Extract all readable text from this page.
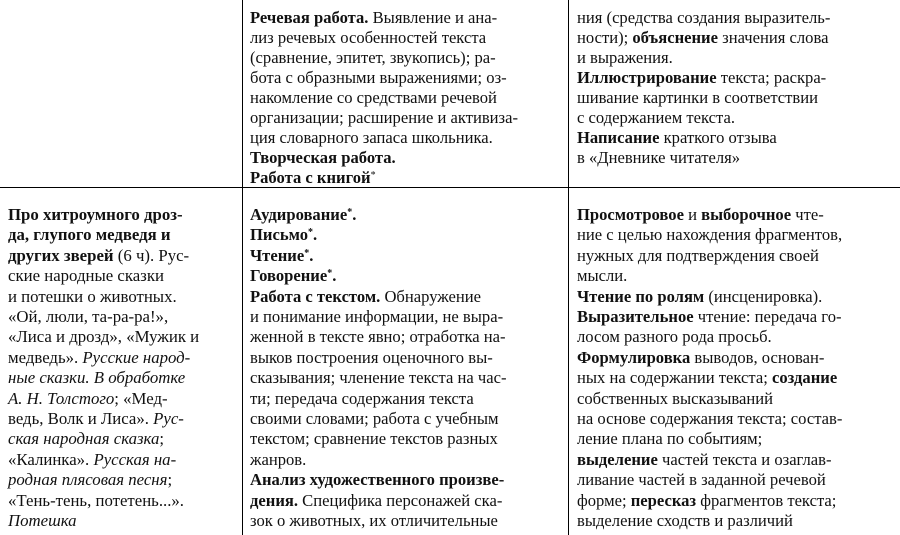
Речевая работа. Выявление и ана-

лиз речевых особенностей текста

(сравнение, эпитет, звукопись); ра-

бота с образными выражениями; оз-

накомление со средствами речевой

организации; расширение и активиза-

ция словарного запаса школьника.

Творческая работа.

Работа с книгой*

ния (средства создания выразитель-

ности); объяснение значения слова

и выражения.

Иллюстрирование текста; раскра-

шивание картинки в соответствии

с содержанием текста.

Написание краткого отзыва

в «Дневнике читателя»

Про хитроумного дроз-

да, глупого медведя и

других зверей (6 ч). Рус-

ские народные сказки

и потешки о животных.

«Ой, люли, та-ра-ра!»,

«Лиса и дрозд», «Мужик и

медведь». Русские народ-

ные сказки. В обработке

А. Н. Толстого; «Мед-

ведь, Волк и Лиса». Рус-

ская народная сказка;

«Калинка». Русская на-

родная плясовая песня;

«Тень-тень, потетень...».

Потешка

Аудирование*.

Письмо*.

Чтение*.

Говорение*.

Работа с текстом. Обнаружение

и понимание информации, не выра-

женной в тексте явно; отработка на-

выков построения оценочного вы-

сказывания; членение текста на час-

ти; передача содержания текста

своими словами; работа с учебным

текстом; сравнение текстов разных

жанров.

Анализ художественного произве-

дения. Специфика персонажей ска-

зок о животных, их отличительные

Просмотровое и выборочное чте-

ние с целью нахождения фрагментов,

нужных для подтверждения своей

мысли.

Чтение по ролям (инсценировка).

Выразительное чтение: передача го-

лосом разного рода просьб.

Формулировка выводов, основан-

ных на содержании текста; создание

собственных высказываний

на основе содержания текста; состав-

ление плана по событиям;

выделение частей текста и озаглав-

ливание частей в заданной речевой

форме; пересказ фрагментов текста;

выделение сходств и различий
